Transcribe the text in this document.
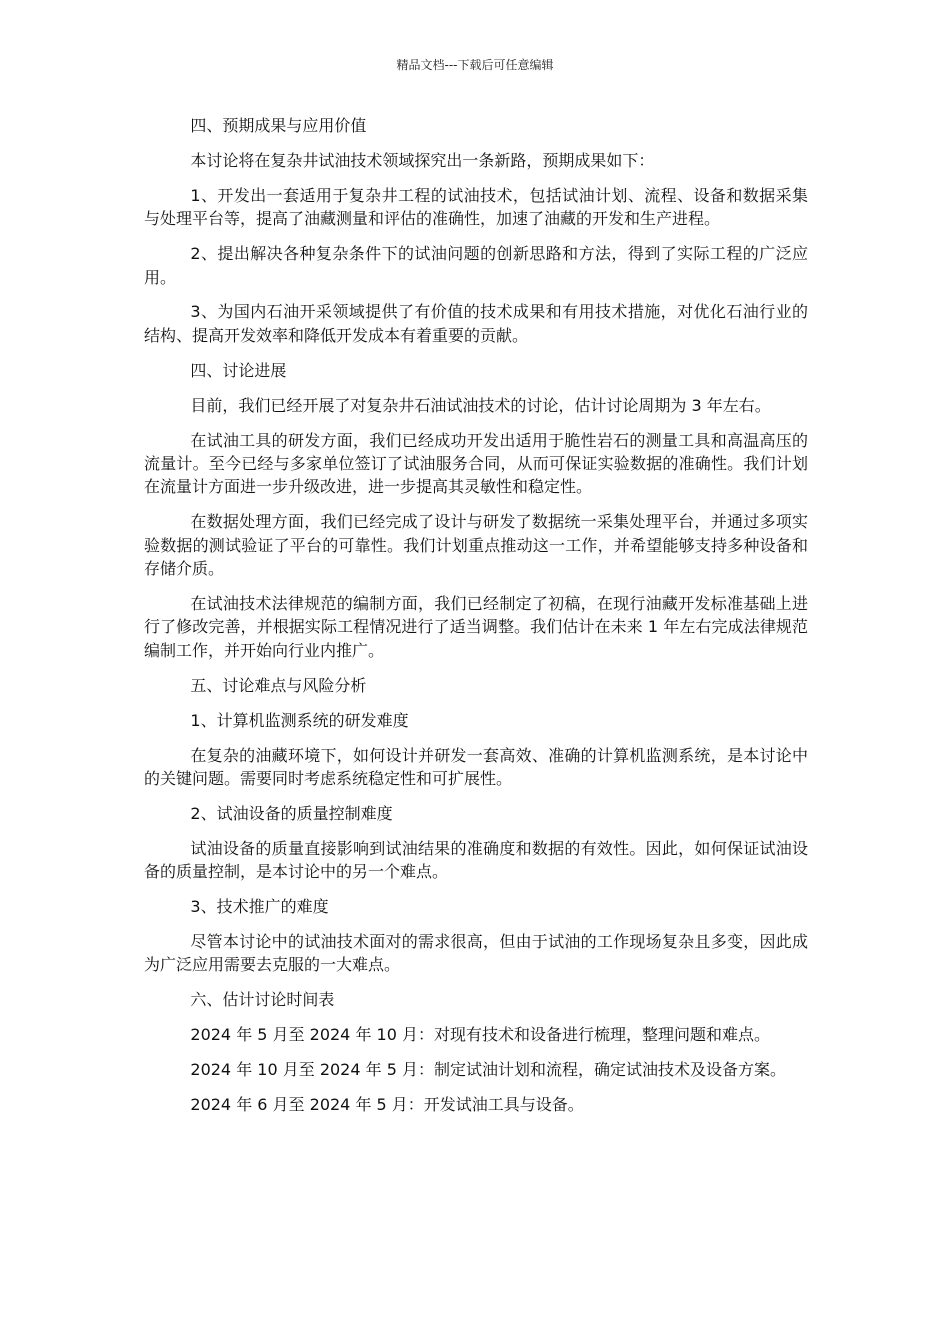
精品文档---下载后可任意编辑

四、预期成果与应用价值

本讨论将在复杂井试油技术领域探究出一条新路，预期成果如下：

1、开发出一套适用于复杂井工程的试油技术，包括试油计划、流程、设备和数据采集与处理平台等，提高了油藏测量和评估的准确性，加速了油藏的开发和生产进程。

2、提出解决各种复杂条件下的试油问题的创新思路和方法，得到了实际工程的广泛应用。

3、为国内石油开采领域提供了有价值的技术成果和有用技术措施，对优化石油行业的结构、提高开发效率和降低开发成本有着重要的贡献。

四、讨论进展

目前，我们已经开展了对复杂井石油试油技术的讨论，估计讨论周期为 3 年左右。

在试油工具的研发方面，我们已经成功开发出适用于脆性岩石的测量工具和高温高压的流量计。至今已经与多家单位签订了试油服务合同，从而可保证实验数据的准确性。我们计划在流量计方面进一步升级改进，进一步提高其灵敏性和稳定性。

在数据处理方面，我们已经完成了设计与研发了数据统一采集处理平台，并通过多项实验数据的测试验证了平台的可靠性。我们计划重点推动这一工作，并希望能够支持多种设备和存储介质。

在试油技术法律规范的编制方面，我们已经制定了初稿，在现行油藏开发标准基础上进行了修改完善，并根据实际工程情况进行了适当调整。我们估计在未来 1 年左右完成法律规范编制工作，并开始向行业内推广。

五、讨论难点与风险分析

1、计算机监测系统的研发难度

在复杂的油藏环境下，如何设计并研发一套高效、准确的计算机监测系统，是本讨论中的关键问题。需要同时考虑系统稳定性和可扩展性。

2、试油设备的质量控制难度

试油设备的质量直接影响到试油结果的准确度和数据的有效性。因此，如何保证试油设备的质量控制，是本讨论中的另一个难点。

3、技术推广的难度

尽管本讨论中的试油技术面对的需求很高，但由于试油的工作现场复杂且多变，因此成为广泛应用需要去克服的一大难点。

六、估计讨论时间表

2024 年 5 月至 2024 年 10 月：对现有技术和设备进行梳理，整理问题和难点。

2024 年 10 月至 2024 年 5 月：制定试油计划和流程，确定试油技术及设备方案。

2024 年 6 月至 2024 年 5 月：开发试油工具与设备。
